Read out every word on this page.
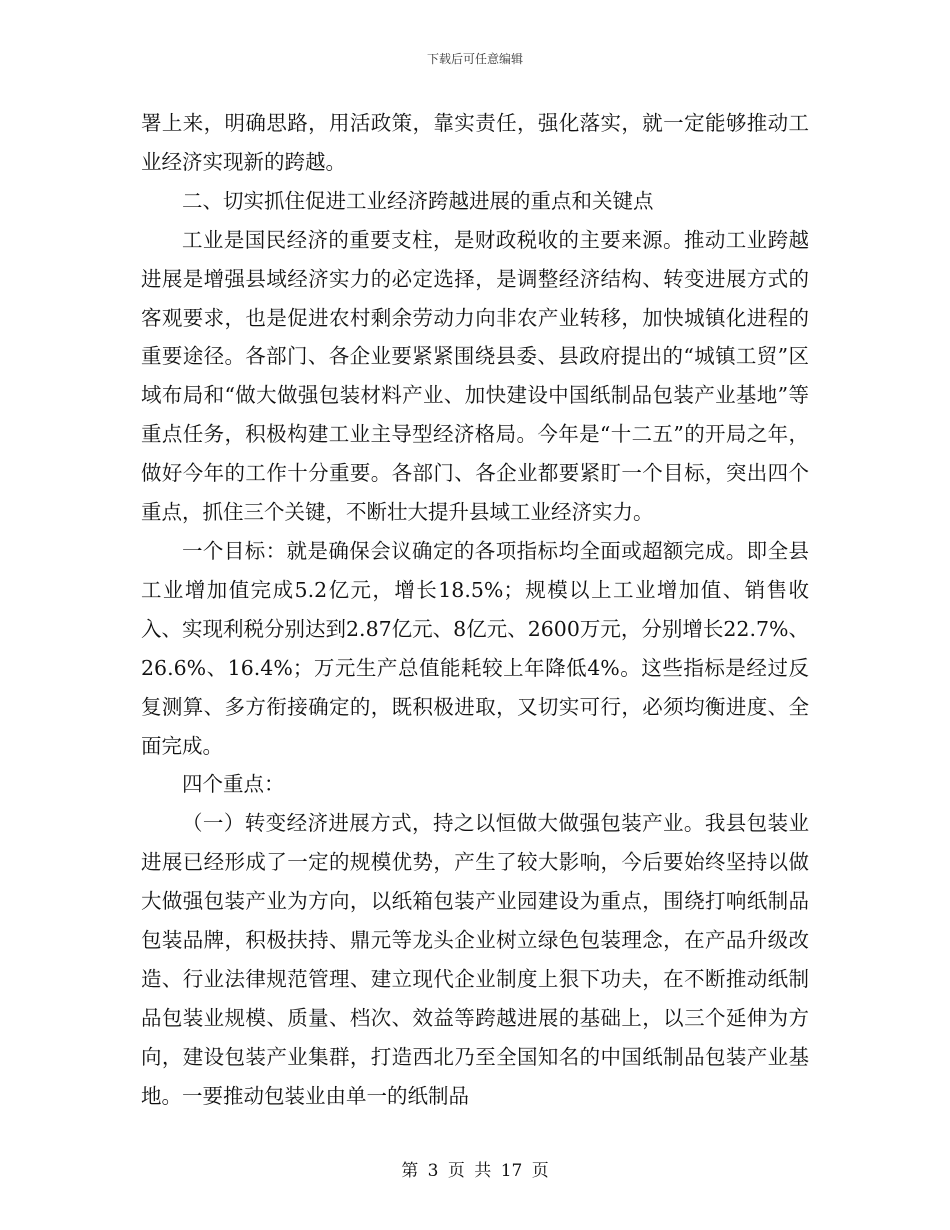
下载后可任意编辑

署上来，明确思路，用活政策，靠实责任，强化落实，就一定能够推动工业经济实现新的跨越。

二、切实抓住促进工业经济跨越进展的重点和关键点

工业是国民经济的重要支柱，是财政税收的主要来源。推动工业跨越进展是增强县域经济实力的必定选择，是调整经济结构、转变进展方式的客观要求，也是促进农村剩余劳动力向非农产业转移，加快城镇化进程的重要途径。各部门、各企业要紧紧围绕县委、县政府提出的“城镇工贸”区域布局和“做大做强包装材料产业、加快建设中国纸制品包装产业基地”等重点任务，积极构建工业主导型经济格局。今年是“十二五”的开局之年，做好今年的工作十分重要。各部门、各企业都要紧盯一个目标，突出四个重点，抓住三个关键，不断壮大提升县域工业经济实力。

一个目标：就是确保会议确定的各项指标均全面或超额完成。即全县工业增加值完成5.2亿元，增长18.5%；规模以上工业增加值、销售收入、实现利税分别达到2.87亿元、8亿元、2600万元，分别增长22.7%、26.6%、16.4%；万元生产总值能耗较上年降低4%。这些指标是经过反复测算、多方衔接确定的，既积极进取，又切实可行，必须均衡进度、全面完成。

四个重点：

（一）转变经济进展方式，持之以恒做大做强包装产业。我县包装业进展已经形成了一定的规模优势，产生了较大影响，今后要始终坚持以做大做强包装产业为方向，以纸箱包装产业园建设为重点，围绕打响纸制品包装品牌，积极扶持、鼎元等龙头企业树立绿色包装理念，在产品升级改造、行业法律规范管理、建立现代企业制度上狠下功夫，在不断推动纸制品包装业规模、质量、档次、效益等跨越进展的基础上，以三个延伸为方向，建设包装产业集群，打造西北乃至全国知名的中国纸制品包装产业基地。一要推动包装业由单一的纸制品

第 3 页 共 17 页
